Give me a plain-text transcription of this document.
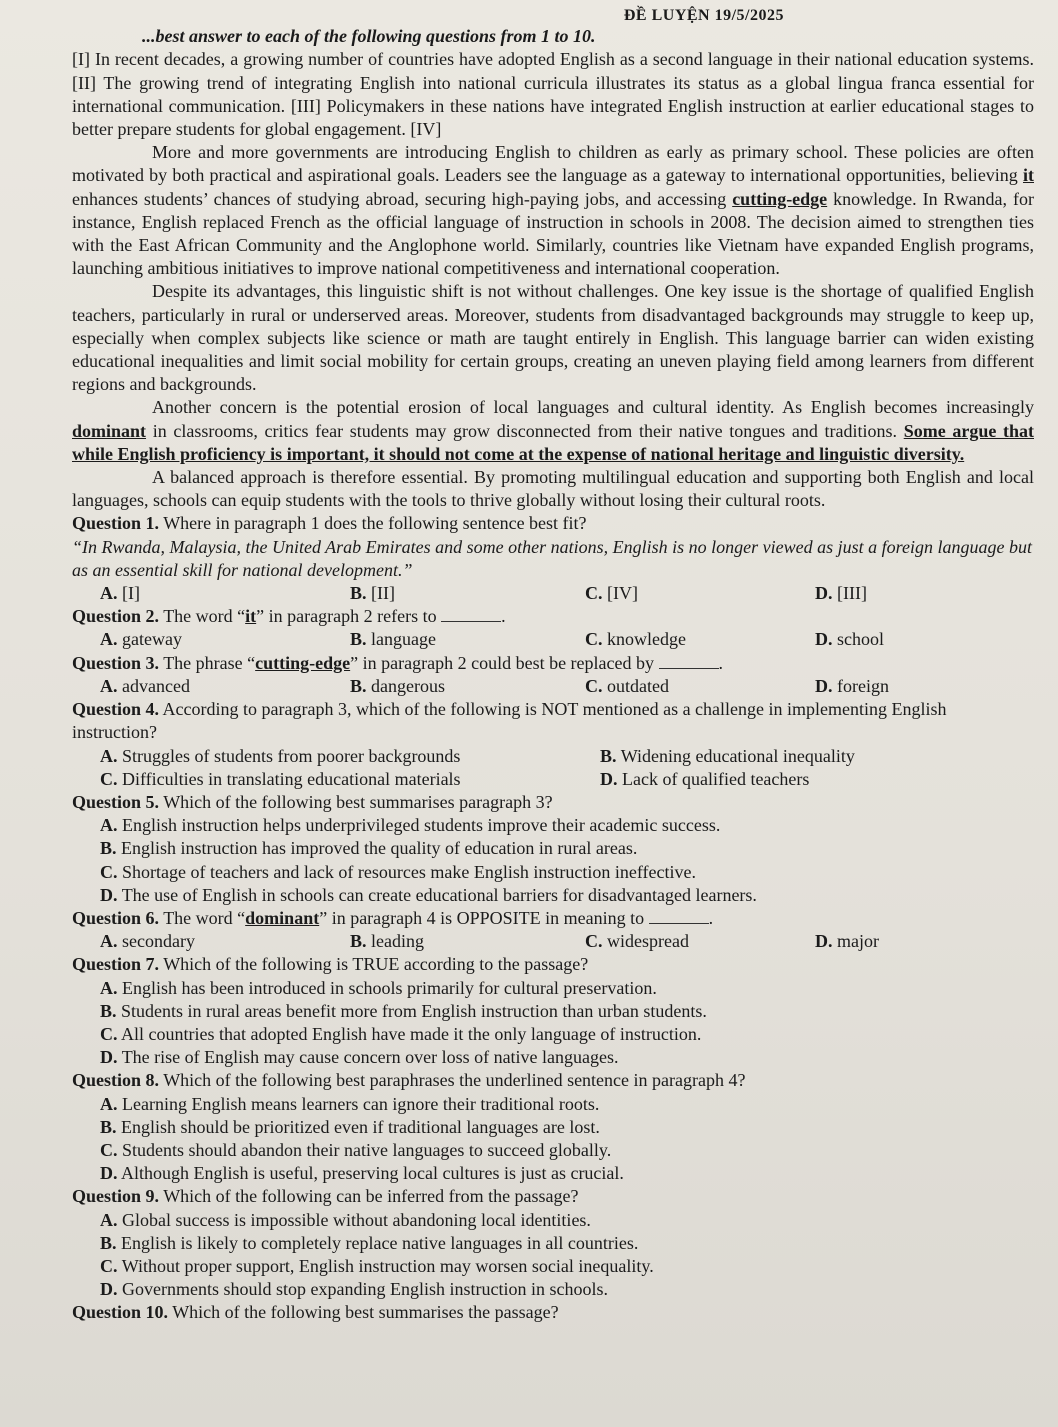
ĐỀ LUYỆN 19/5/2025
...best answer to each of the following questions from 1 to 10.

[I] In recent decades, a growing number of countries have adopted English as a second language in their national education systems. [II] The growing trend of integrating English into national curricula illustrates its status as a global lingua franca essential for international communication. [III] Policymakers in these nations have integrated English instruction at earlier educational stages to better prepare students for global engagement. [IV]

More and more governments are introducing English to children as early as primary school. These policies are often motivated by both practical and aspirational goals. Leaders see the language as a gateway to international opportunities, believing it enhances students’ chances of studying abroad, securing high-paying jobs, and accessing cutting-edge knowledge. In Rwanda, for instance, English replaced French as the official language of instruction in schools in 2008. The decision aimed to strengthen ties with the East African Community and the Anglophone world. Similarly, countries like Vietnam have expanded English programs, launching ambitious initiatives to improve national competitiveness and international cooperation.

Despite its advantages, this linguistic shift is not without challenges. One key issue is the shortage of qualified English teachers, particularly in rural or underserved areas. Moreover, students from disadvantaged backgrounds may struggle to keep up, especially when complex subjects like science or math are taught entirely in English. This language barrier can widen existing educational inequalities and limit social mobility for certain groups, creating an uneven playing field among learners from different regions and backgrounds.

Another concern is the potential erosion of local languages and cultural identity. As English becomes increasingly dominant in classrooms, critics fear students may grow disconnected from their native tongues and traditions. Some argue that while English proficiency is important, it should not come at the expense of national heritage and linguistic diversity.

A balanced approach is therefore essential. By promoting multilingual education and supporting both English and local languages, schools can equip students with the tools to thrive globally without losing their cultural roots.

Question 1. Where in paragraph 1 does the following sentence best fit?
“In Rwanda, Malaysia, the United Arab Emirates and some other nations, English is no longer viewed as just a foreign language but as an essential skill for national development.”
A. [I]	B. [II]	C. [IV]	D. [III]
Question 2. The word “it” in paragraph 2 refers to	.
A. gateway	B. language	C. knowledge	D. school
Question 3. The phrase “cutting-edge” in paragraph 2 could best be replaced by	.
A. advanced	B. dangerous	C. outdated	D. foreign
Question 4. According to paragraph 3, which of the following is NOT mentioned as a challenge in implementing English instruction?
A. Struggles of students from poorer backgrounds	B. Widening educational inequality
C. Difficulties in translating educational materials	D. Lack of qualified teachers
Question 5. Which of the following best summarises paragraph 3?
A. English instruction helps underprivileged students improve their academic success.
B. English instruction has improved the quality of education in rural areas.
C. Shortage of teachers and lack of resources make English instruction ineffective.
D. The use of English in schools can create educational barriers for disadvantaged learners.
Question 6. The word “dominant” in paragraph 4 is OPPOSITE in meaning to	.
A. secondary	B. leading	C. widespread	D. major
Question 7. Which of the following is TRUE according to the passage?
A. English has been introduced in schools primarily for cultural preservation.
B. Students in rural areas benefit more from English instruction than urban students.
C. All countries that adopted English have made it the only language of instruction.
D. The rise of English may cause concern over loss of native languages.
Question 8. Which of the following best paraphrases the underlined sentence in paragraph 4?
A. Learning English means learners can ignore their traditional roots.
B. English should be prioritized even if traditional languages are lost.
C. Students should abandon their native languages to succeed globally.
D. Although English is useful, preserving local cultures is just as crucial.
Question 9. Which of the following can be inferred from the passage?
A. Global success is impossible without abandoning local identities.
B. English is likely to completely replace native languages in all countries.
C. Without proper support, English instruction may worsen social inequality.
D. Governments should stop expanding English instruction in schools.
Question 10. Which of the following best summarises the passage?
